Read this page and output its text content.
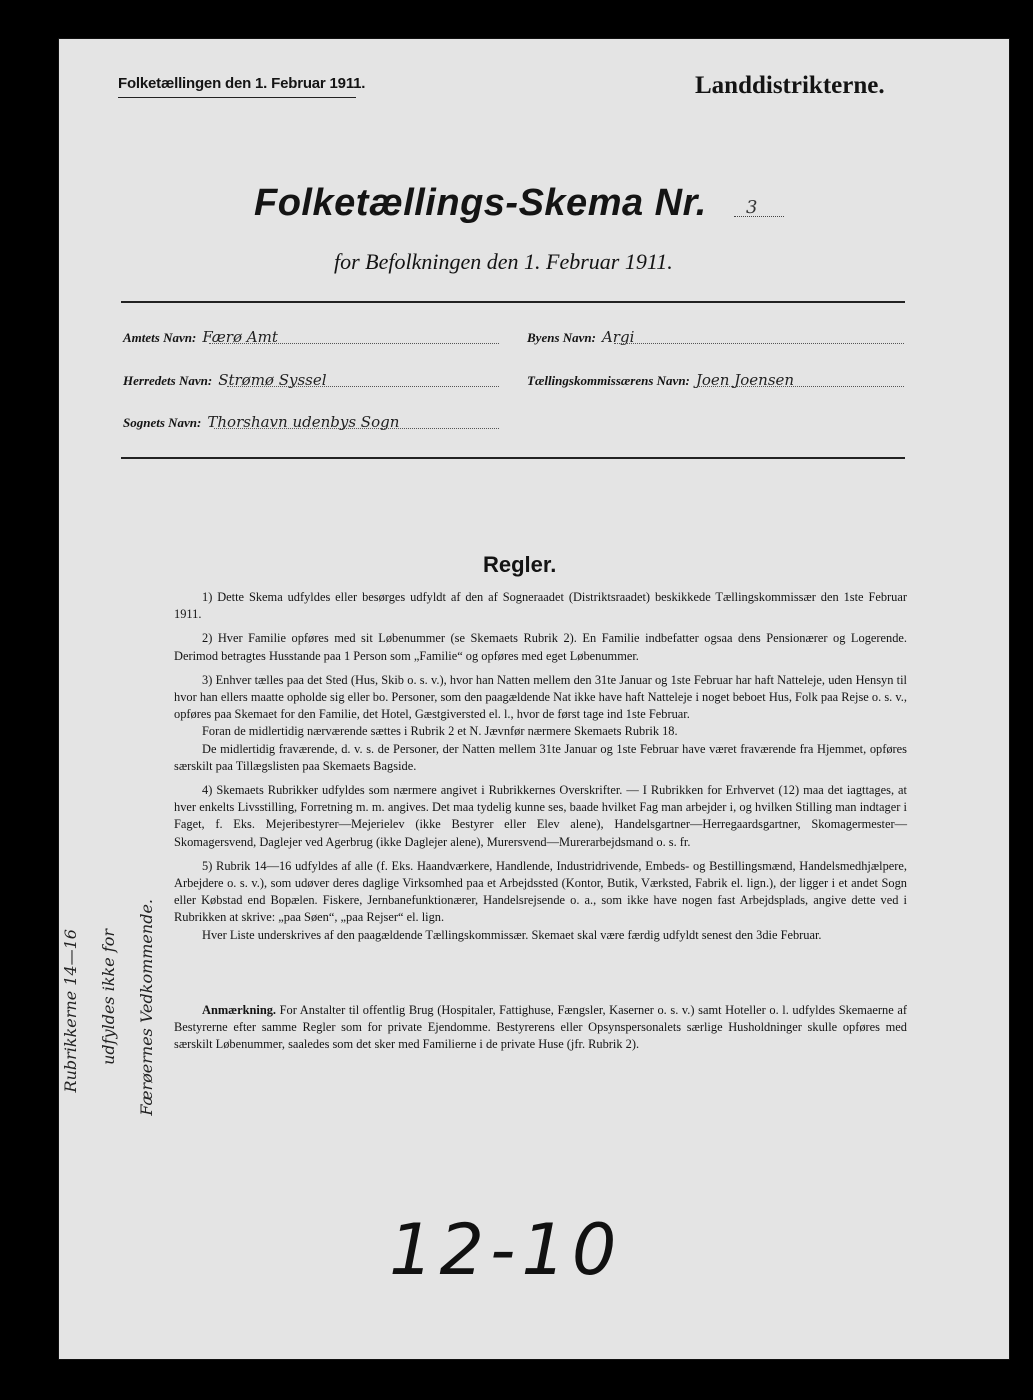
Folketællingen den 1. Februar 1911.	Landdistrikterne.
Folketællings-Skema Nr. 3
for Befolkningen den 1. Februar 1911.
Amtets Navn: Færø Amt	Byens Navn: Argi
Herredets Navn: Strømø Syssel	Tællingskommissærens Navn: Joen Joensen
Sognets Navn: Thorshavn udenbys Sogn
Regler.

1) Dette Skema udfyldes eller besørges udfyldt af den af Sogneraadet (Distriktsraadet) beskikkede Tællingskommissær den 1ste Februar 1911.

2) Hver Familie opføres med sit Løbenummer (se Skemaets Rubrik 2). En Familie indbefatter ogsaa dens Pensionærer og Logerende. Derimod betragtes Husstande paa 1 Person som „Familie“ og opføres med eget Løbenummer.

3) Enhver tælles paa det Sted (Hus, Skib o. s. v.), hvor han Natten mellem den 31te Januar og 1ste Februar har haft Natteleje, uden Hensyn til hvor han ellers maatte opholde sig eller bo. Personer, som den paagældende Nat ikke have haft Natteleje i noget beboet Hus, Folk paa Rejse o. s. v., opføres paa Skemaet for den Familie, det Hotel, Gæstgiversted el. l., hvor de først tage ind 1ste Februar.

Foran de midlertidig nærværende sættes i Rubrik 2 et N. Jævnfør nærmere Skemaets Rubrik 18.

De midlertidig fraværende, d. v. s. de Personer, der Natten mellem 31te Januar og 1ste Februar have været fraværende fra Hjemmet, opføres særskilt paa Tillægslisten paa Skemaets Bagside.

4) Skemaets Rubrikker udfyldes som nærmere angivet i Rubrikkernes Overskrifter. — I Rubrikken for Erhvervet (12) maa det iagttages, at hver enkelts Livsstilling, Forretning m. m. angives. Det maa tydelig kunne ses, baade hvilket Fag man arbejder i, og hvilken Stilling man indtager i Faget, f. Eks. Mejeribestyrer—Mejerielev (ikke Bestyrer eller Elev alene), Handelsgartner—Herregaardsgartner, Skomagermester—Skomagersvend, Daglejer ved Agerbrug (ikke Daglejer alene), Murersvend—Murerarbejdsmand o. s. fr.

5) Rubrik 14—16 udfyldes af alle (f. Eks. Haandværkere, Handlende, Industridrivende, Embeds- og Bestillingsmænd, Handelsmedhjælpere, Arbejdere o. s. v.), som udøver deres daglige Virksomhed paa et Arbejdssted (Kontor, Butik, Værksted, Fabrik el. lign.), der ligger i et andet Sogn eller Købstad end Bopælen. Fiskere, Jernbanefunktionærer, Handelsrejsende o. a., som ikke have nogen fast Arbejdsplads, angive dette ved i Rubrikken at skrive: „paa Søen“, „paa Rejser“ el. lign.

Hver Liste underskrives af den paagældende Tællingskommissær. Skemaet skal være færdig udfyldt senest den 3die Februar.

Anmærkning. For Anstalter til offentlig Brug (Hospitaler, Fattighuse, Fængsler, Kaserner o. s. v.) samt Hoteller o. l. udfyldes Skemaerne af Bestyrerne efter samme Regler som for private Ejendomme. Bestyrerens eller Opsynspersonalets særlige Husholdninger skulle opføres med særskilt Løbenummer, saaledes som det sker med Familierne i de private Huse (jfr. Rubrik 2).

Rubrikkerne 14—16 udfyldes ikke for Færøernes Vedkommende.
12-10
